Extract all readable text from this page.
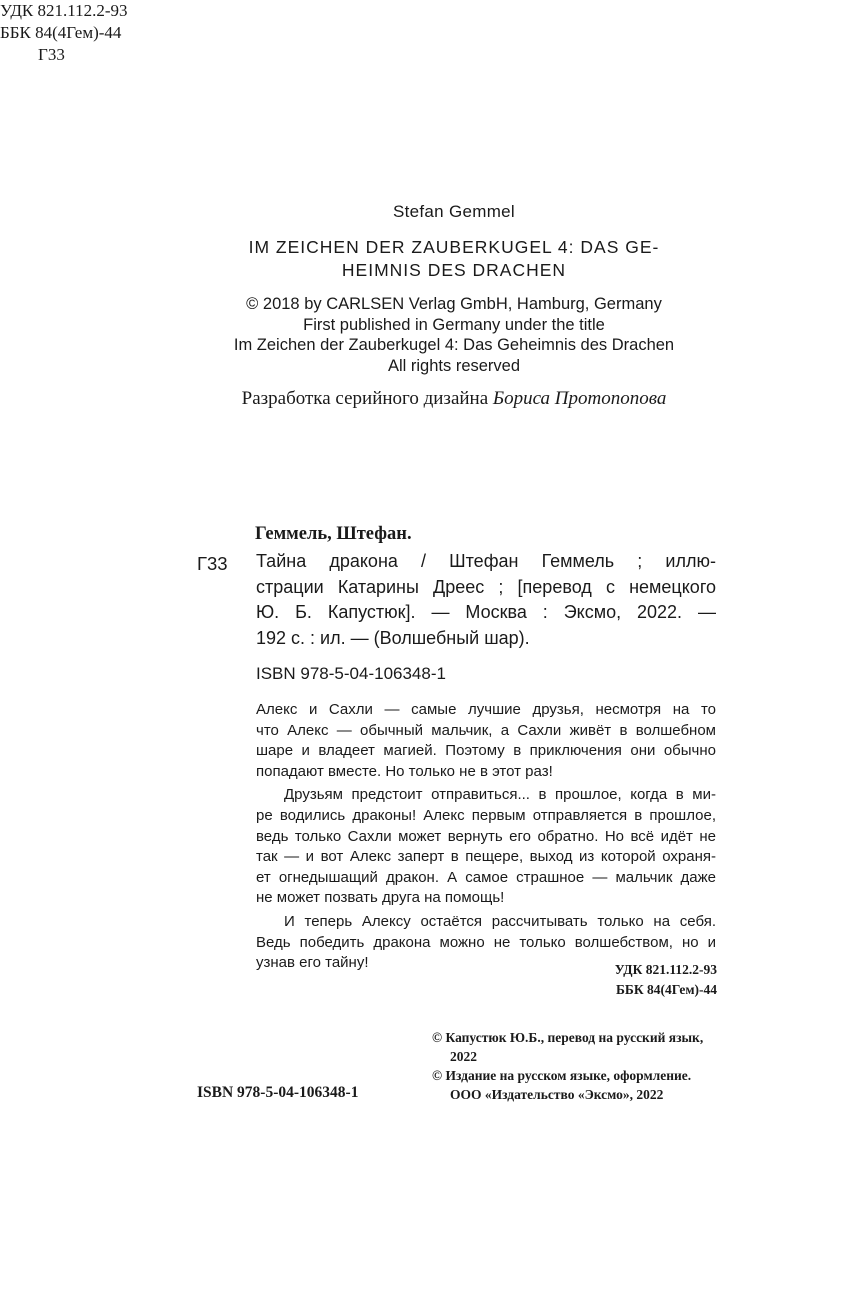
УДК 821.112.2-93
ББК 84(4Гем)-44
Г33
Stefan Gemmel
IM ZEICHEN DER ZAUBERKUGEL 4: DAS GE-
HEIMNIS DES DRACHEN
© 2018 by CARLSEN Verlag GmbH, Hamburg, Germany
First published in Germany under the title
Im Zeichen der Zauberkugel 4: Das Geheimnis des Drachen
All rights reserved
Разработка серийного дизайна Бориса Протопопова
Геммель, Штефан.
Г33 Тайна дракона / Штефан Геммель ; иллю-
страции Катарины Дреес ; [перевод с немецкого
Ю. Б. Капустюк]. — Москва : Эксмо, 2022. —
192 с. : ил. — (Волшебный шар).
ISBN 978-5-04-106348-1
Алекс и Сахли — самые лучшие друзья, несмотря на то
что Алекс — обычный мальчик, а Сахли живёт в волшебном
шаре и владеет магией. Поэтому в приключения они обычно
попадают вместе. Но только не в этот раз!
Друзьям предстоит отправиться... в прошлое, когда в ми-
ре водились драконы! Алекс первым отправляется в прошлое,
ведь только Сахли может вернуть его обратно. Но всё идёт не
так — и вот Алекс заперт в пещере, выход из которой охраня-
ет огнедышащий дракон. А самое страшное — мальчик даже
не может позвать друга на помощь!
И теперь Алексу остаётся рассчитывать только на себя.
Ведь победить дракона можно не только волшебством, но и
узнав его тайну!	УДК 821.112.2-93
ББК 84(4Гем)-44
© Капустюк Ю.Б., перевод на русский язык,
2022
© Издание на русском языке, оформление.
ООО «Издательство «Эксмо», 2022
ISBN 978-5-04-106348-1
